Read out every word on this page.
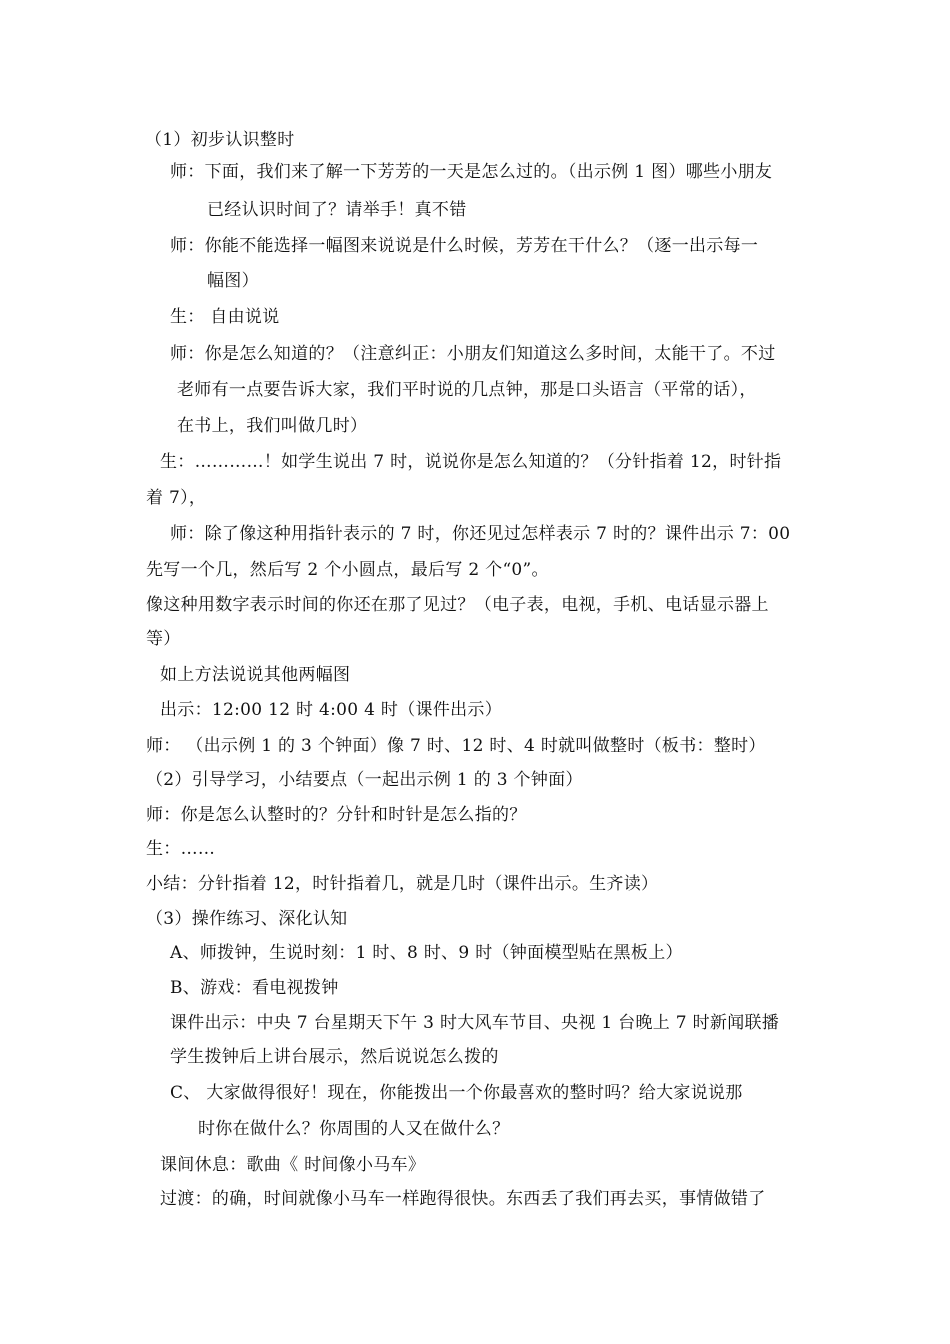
（1）初步认识整时
师：下面，我们来了解一下芳芳的一天是怎么过的。（出示例 1 图）哪些小朋友
已经认识时间了？请举手！真不错
师：你能不能选择一幅图来说说是什么时候，芳芳在干什么？（逐一出示每一
幅图）
生： 自由说说
师：你是怎么知道的？（注意纠正：小朋友们知道这么多时间，太能干了。不过
老师有一点要告诉大家，我们平时说的几点钟，那是口头语言（平常的话），
在书上，我们叫做几时）
生：…………！如学生说出 7 时，说说你是怎么知道的？（分针指着 12，时针指
着 7），
师：除了像这种用指针表示的 7 时，你还见过怎样表示 7 时的？课件出示 7：00
先写一个几，然后写 2 个小圆点，最后写 2 个“0”。
像这种用数字表示时间的你还在那了见过？（电子表，电视，手机、电话显示器上
等）
如上方法说说其他两幅图
出示：12:00 12 时 4:00 4 时（课件出示）
师： （出示例 1 的 3 个钟面）像 7 时、12 时、4 时就叫做整时（板书：整时）
（2）引导学习，小结要点（一起出示例 1 的 3 个钟面）
师：你是怎么认整时的？分针和时针是怎么指的？
生：……
小结：分针指着 12，时针指着几，就是几时（课件出示。生齐读）
（3）操作练习、深化认知
A、师拨钟，生说时刻：1 时、8 时、9 时（钟面模型贴在黑板上）
B、游戏：看电视拨钟
课件出示：中央 7 台星期天下午 3 时大风车节目、央视 1 台晚上 7 时新闻联播
学生拨钟后上讲台展示，然后说说怎么拨的
C、 大家做得很好！现在，你能拨出一个你最喜欢的整时吗？给大家说说那
时你在做什么？你周围的人又在做什么？
课间休息：歌曲《 时间像小马车》
过渡：的确，时间就像小马车一样跑得很快。东西丢了我们再去买，事情做错了
